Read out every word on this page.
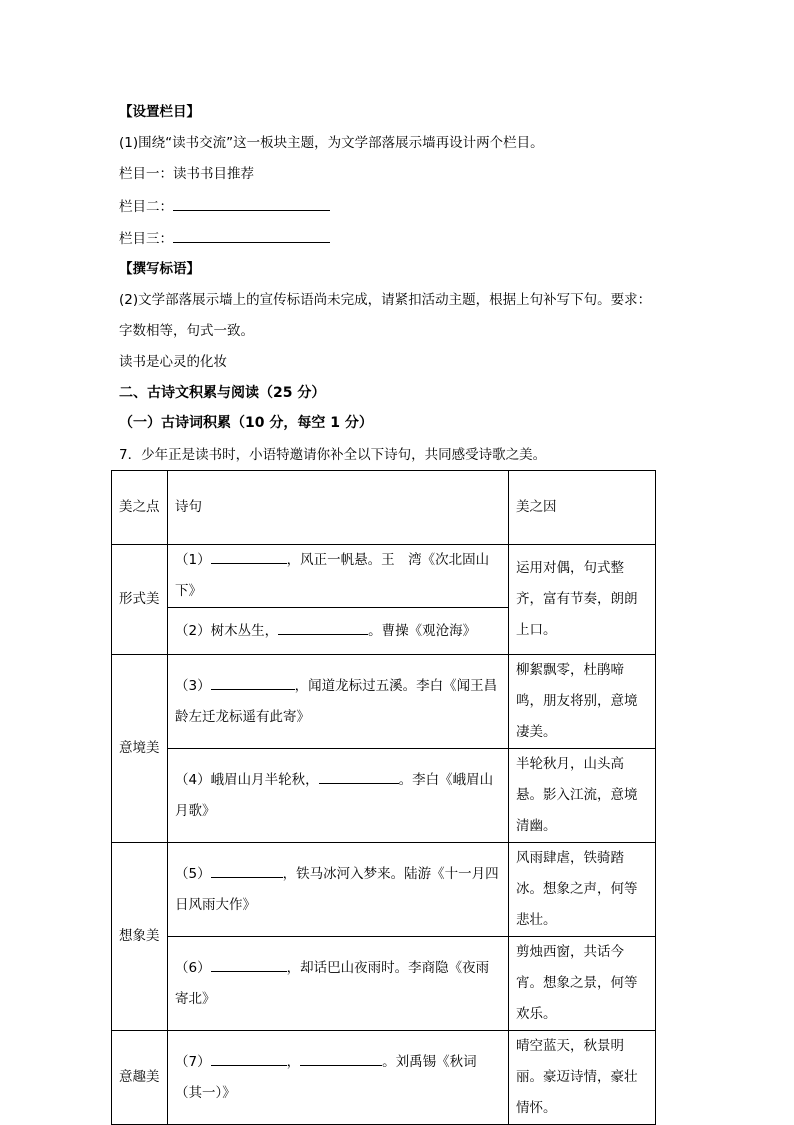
【设置栏目】
(1)围绕“读书交流”这一板块主题，为文学部落展示墙再设计两个栏目。
栏目一：读书书目推荐
栏目二：
栏目三：
【撰写标语】
(2)文学部落展示墙上的宣传标语尚未完成，请紧扣活动主题，根据上句补写下句。要求：
字数相等，句式一致。
读书是心灵的化妆
二、古诗文积累与阅读（25 分）
（一）古诗词积累（10 分，每空 1 分）
7．少年正是读书时，小语特邀请你补全以下诗句，共同感受诗歌之美。
美之点	诗句	美之因

形式美	（1） ，风正一帆悬。王　湾《次北固山下》	运用对偶，句式整齐，富有节奏，朗朗上口。

	（2）树木丛生， 。曹操《观沧海》	

意境美	（3） ，闻道龙标过五溪。李白《闻王昌龄左迁龙标遥有此寄》	柳絮飘零，杜鹃啼鸣，朋友将别，意境凄美。

	（4）峨眉山月半轮秋， 。李白《峨眉山月歌》	半轮秋月，山头高悬。影入江流，意境清幽。

想象美	（5） ，铁马冰河入梦来。陆游《十一月四日风雨大作》	风雨肆虐，铁骑踏冰。想象之声，何等悲壮。

	（6） ，却话巴山夜雨时。李商隐《夜雨寄北》	剪烛西窗，共话今宵。想象之景，何等欢乐。

意趣美	（7） ， 。刘禹锡《秋词（其一）》	晴空蓝天，秋景明丽。豪迈诗情，豪壮情怀。
